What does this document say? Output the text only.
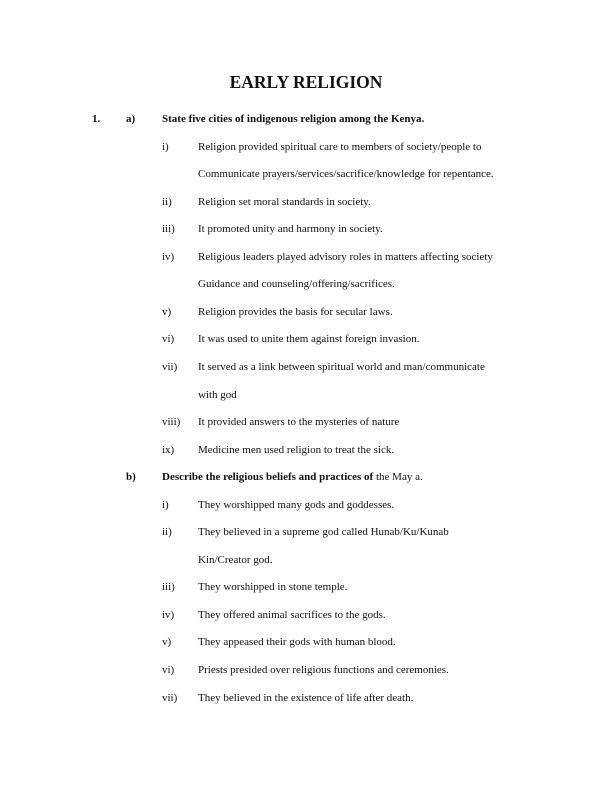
EARLY RELIGION
1. a) State five cities of indigenous religion among the Kenya.
i)	Religion provided spiritual care to members of society/people to
Communicate prayers/services/sacrifice/knowledge for repentance.
ii) Religion set moral standards in society.
iii) It promoted unity and harmony in society.
iv) Religious leaders played advisory roles in matters affecting society
Guidance and counseling/offering/sacrifices.
v) Religion provides the basis for secular laws.
vi) It was used to unite them against foreign invasion.
vii) It served as a link between spiritual world and man/communicate
with god
viii) It provided answers to the mysteries of nature
ix) Medicine men used religion to treat the sick.
b) Describe the religious beliefs and practices of the May a.
i)	They worshipped many gods and goddesses.
ii) They believed in a supreme god called Hunab/Ku/Kunab
Kin/Creator god.
iii) They worshipped in stone temple.
iv) They offered animal sacrifices to the gods.
v) They appeased their gods with human blood.
vi) Priests presided over religious functions and ceremonies.
vii) They believed in the existence of life after death.
